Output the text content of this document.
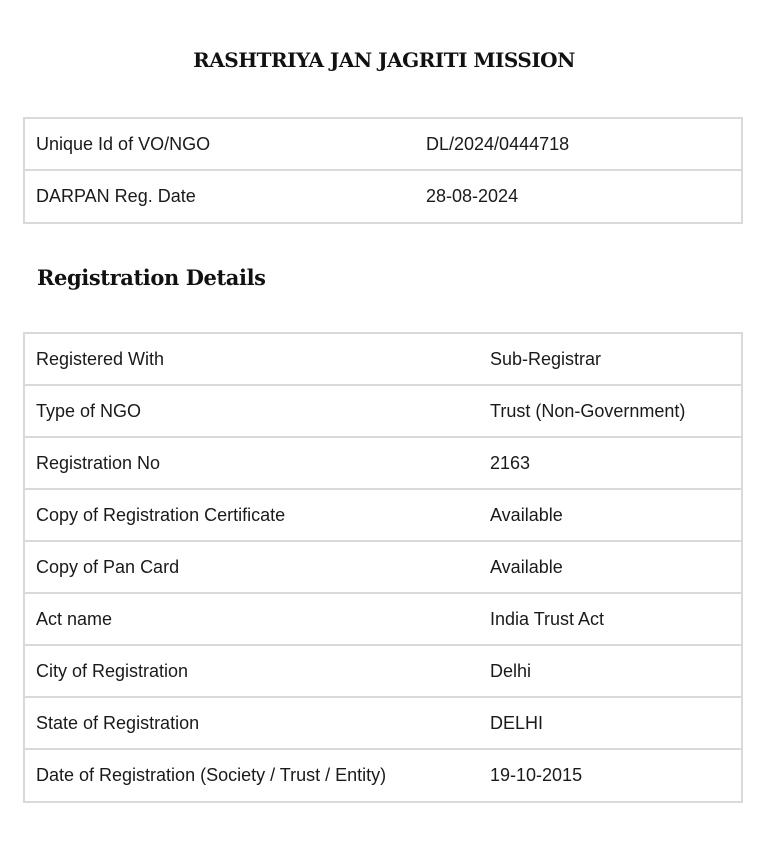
RASHTRIYA JAN JAGRITI MISSION
Unique Id of VO/NGO	DL/2024/0444718
DARPAN Reg. Date	28-08-2024
Registration Details
Registered With	Sub-Registrar
Type of NGO	Trust (Non-Government)
Registration No	2163
Copy of Registration Certificate	Available
Copy of Pan Card	Available
Act name	India Trust Act
City of Registration	Delhi
State of Registration	DELHI
Date of Registration (Society / Trust / Entity)	19-10-2015
